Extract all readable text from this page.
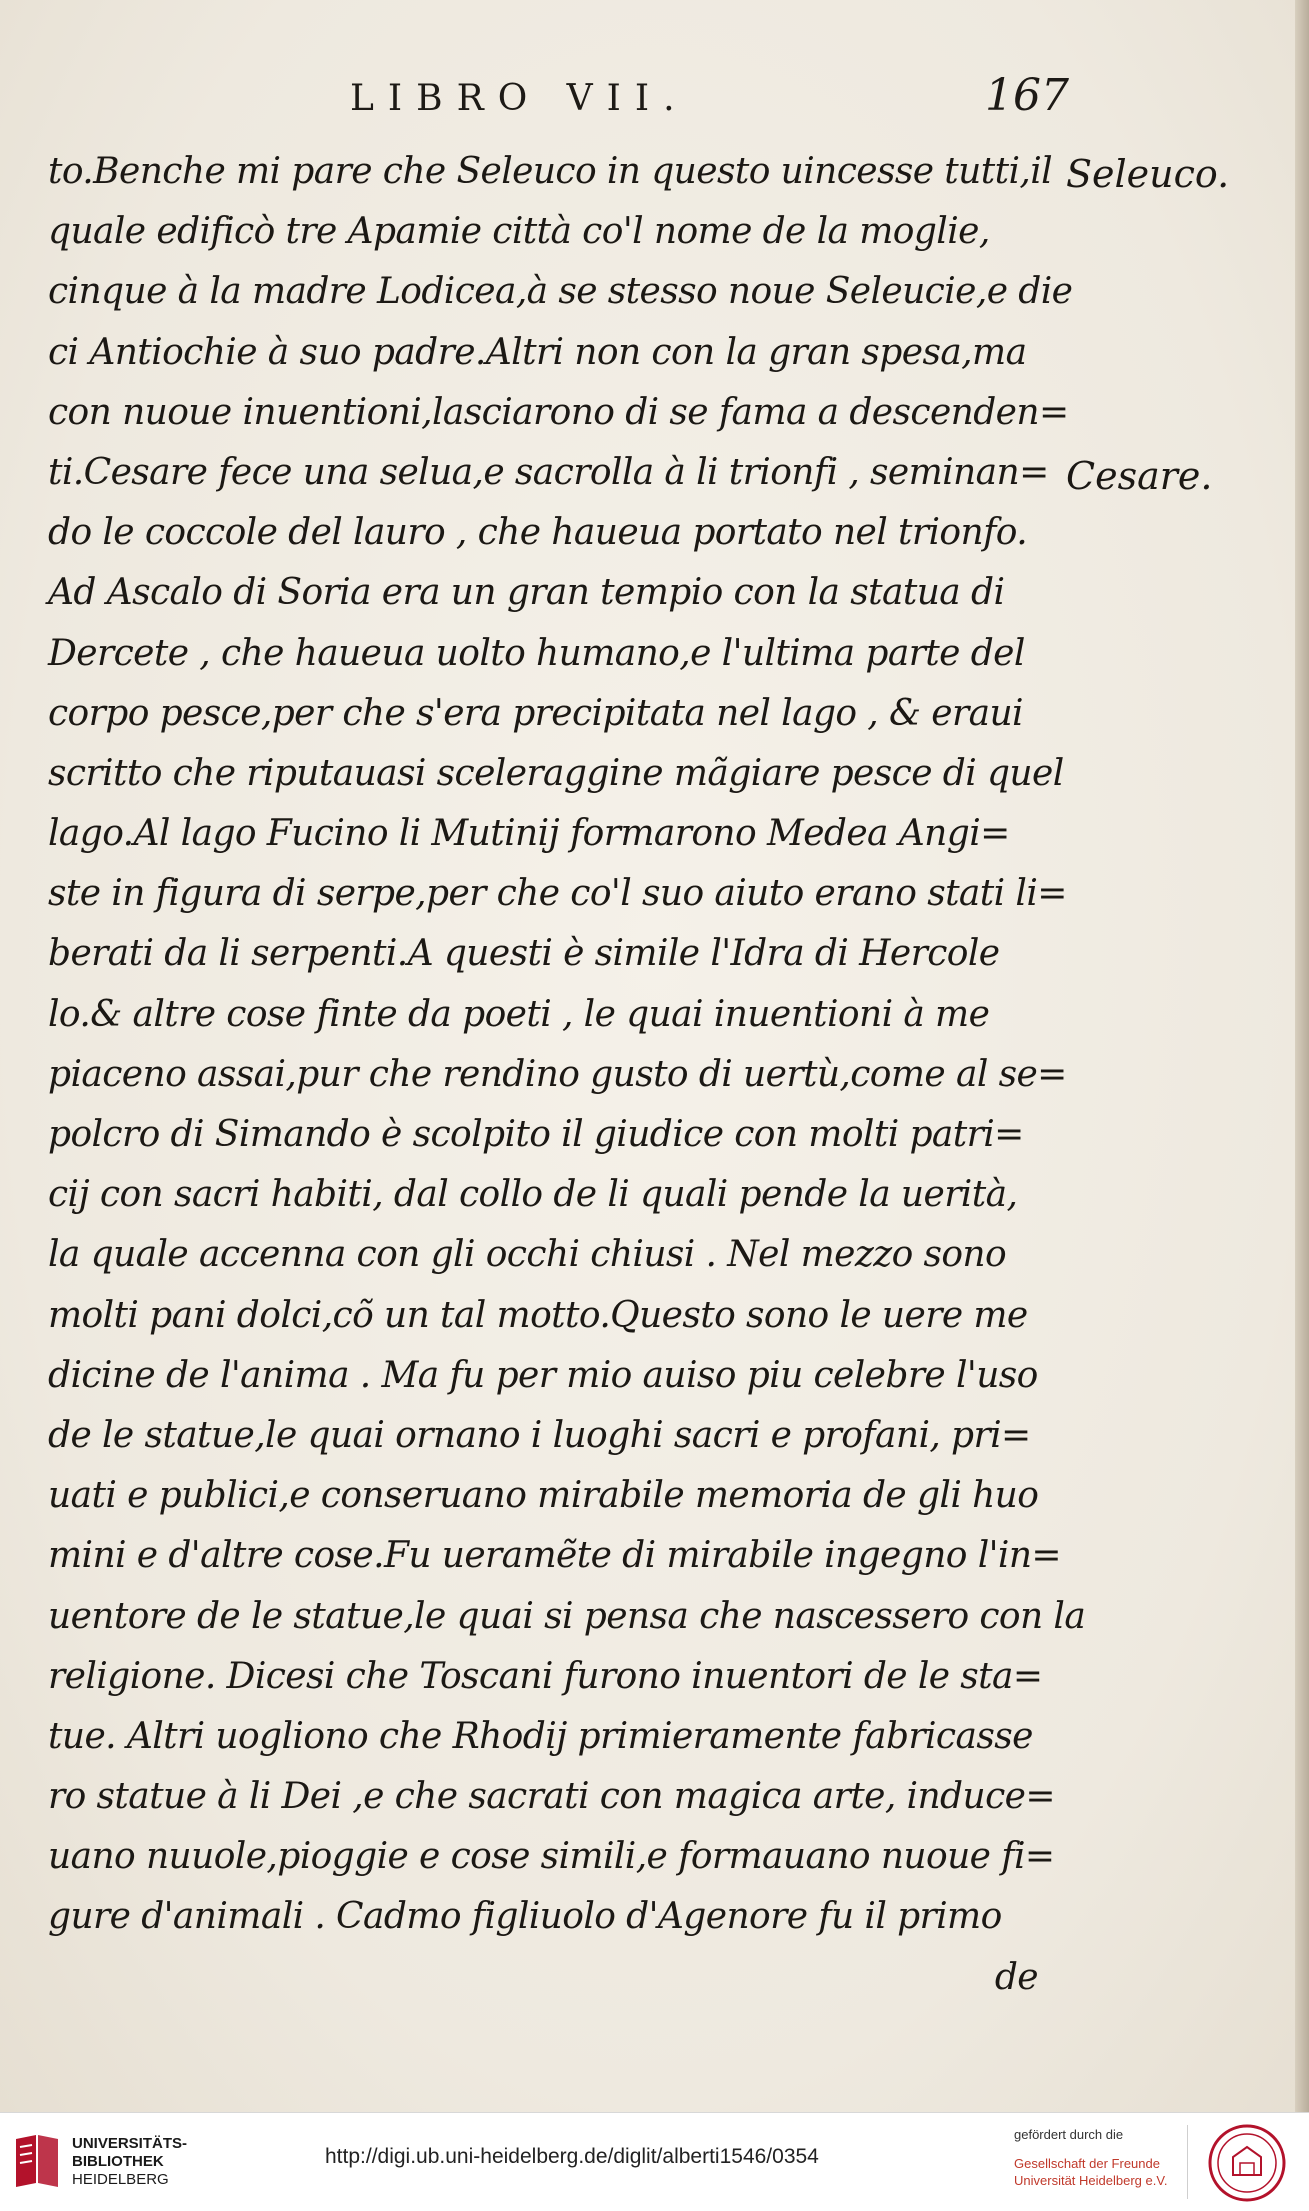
LIBRO VII.	167
Seleuco.
Cesare.
to.Benche mi pare che Seleuco in questo uincesse tutti,il
quale edificò tre Apamie città co'l nome de la moglie,
cinque à la madre Lodicea,à se stesso noue Seleucie,e die
ci Antiochie à suo padre.Altri non con la gran spesa,ma
con nuoue inuentioni,lasciarono di se fama a descenden=
ti.Cesare fece una selua,e sacrolla à li trionfi , seminan=
do le coccole del lauro , che haueua portato nel trionfo.
Ad Ascalo di Soria era un gran tempio con la statua di
Dercete , che haueua uolto humano,e l'ultima parte del
corpo pesce,per che s'era precipitata nel lago , & eraui
scritto che riputauasi sceleraggine mãgiare pesce di quel
lago.Al lago Fucino li Mutinij formarono Medea Angi=
ste in figura di serpe,per che co'l suo aiuto erano stati li=
berati da li serpenti.A questi è simile l'Idra di Hercole
lo.& altre cose finte da poeti , le quai inuentioni à me
piaceno assai,pur che rendino gusto di uertù,come al se=
polcro di Simando è scolpito il giudice con molti patri=
cij con sacri habiti, dal collo de li quali pende la uerità,
la quale accenna con gli occhi chiusi . Nel mezzo sono
molti pani dolci,cõ un tal motto.Questo sono le uere me
dicine de l'anima . Ma fu per mio auiso piu celebre l'uso
de le statue,le quai ornano i luoghi sacri e profani, pri=
uati e publici,e conseruano mirabile memoria de gli huo
mini e d'altre cose.Fu ueramẽte di mirabile ingegno l'in=
uentore de le statue,le quai si pensa che nascessero con la
religione. Dicesi che Toscani furono inuentori de le sta=
tue. Altri uogliono che Rhodij primieramente fabricasse
ro statue à li Dei ,e che sacrati con magica arte, induce=
uano nuuole,pioggie e cose simili,e formauano nuoue fi=
gure d'animali . Cadmo figliuolo d'Agenore fu il primo
de
UNIVERSITÄTS-
BIBLIOTHEK
HEIDELBERG
http://digi.ub.uni-heidelberg.de/diglit/alberti1546/0354
gefördert durch die
Gesellschaft der Freunde
Universität Heidelberg e.V.
